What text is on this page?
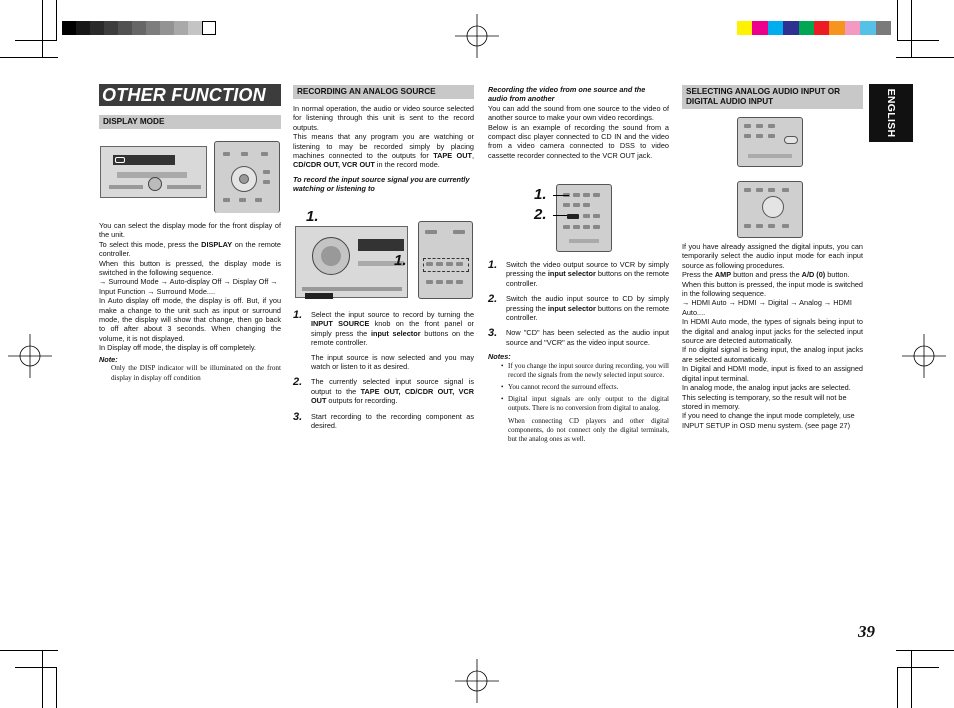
ENGLISH
OTHER FUNCTION
DISPLAY MODE

You can select the display mode for the front display of the unit.

To select this mode, press the DISPLAY on the remote controller.

When this button is pressed, the display mode is switched in the following sequence.

→ Surround Mode → Auto-display Off → Display Off → Input Function → Surround Mode....

In Auto display off mode, the display is off. But, if you make a change to the unit such as input or surround mode, the display will show that change, then go back to off after about 3 seconds. When changing the volume, it is not displayed.

In Display off mode, the display is off completely.

Note:

Only the DISP indicator will be illuminated on the front display in display off condition

RECORDING AN ANALOG SOURCE

In normal operation, the audio or video source selected for listening through this unit is sent to the record outputs.

This means that any program you are watching or listening to may be recorded simply by placing machines connected to the outputs for TAPE OUT, CD/CDR OUT, VCR OUT in the record mode.

To record the input source signal you are currently watching or listening to

1.
1.
1. Select the input source to record by turning the INPUT SOURCE knob on the front panel or simply press the input selector buttons on the remote controller.

The input source is now selected and you may watch or listen to it as desired.

2. The currently selected input source signal is output to the TAPE OUT, CD/CDR OUT, VCR OUT outputs for recording.

3. Start recording to the recording component as desired.

Recording the video from one source and the audio from another

You can add the sound from one source to the video of another source to make your own video recordings.

Below is an example of recording the sound from a compact disc player connected to CD IN and the video from a video camera connected to DSS to video cassette recorder connected to the VCR OUT jack.

1.
2.
1. Switch the video output source to VCR by simply pressing the input selector buttons on the remote controller.

2. Switch the audio input source to CD by simply pressing the input selector buttons on the remote controller.

3. Now "CD" has been selected as the audio input source and "VCR" as the video input source.

Notes:

• If you change the input source during recording, you will record the signals from the newly selected input source.

• You cannot record the surround effects.

• Digital input signals are only output to the digital outputs. There is no conversion from digital to analog.

When connecting CD players and other digital components, do not connect only the digital terminals, but the analog ones as well.

SELECTING ANALOG AUDIO INPUT OR DIGITAL AUDIO INPUT

If you have already assigned the digital inputs, you can temporarily select the audio input mode for each input source as following procedures.

Press the AMP button and press the A/D (0) button.

When this button is pressed, the input mode is switched in the following sequence.

→ HDMI Auto → HDMI → Digital → Analog → HDMI Auto....

In HDMI Auto mode, the types of signals being input to the digital and analog input jacks for the selected input source are detected automatically.

If no digital signal is being input, the analog input jacks are selected automatically.

In Digital and HDMI mode, input is fixed to an assigned digital input terminal.

In analog mode, the analog input jacks are selected.

This selecting is temporary, so the result will not be stored in memory.

If you need to change the input mode completely, use INPUT SETUP in OSD menu system. (see page 27)

39
